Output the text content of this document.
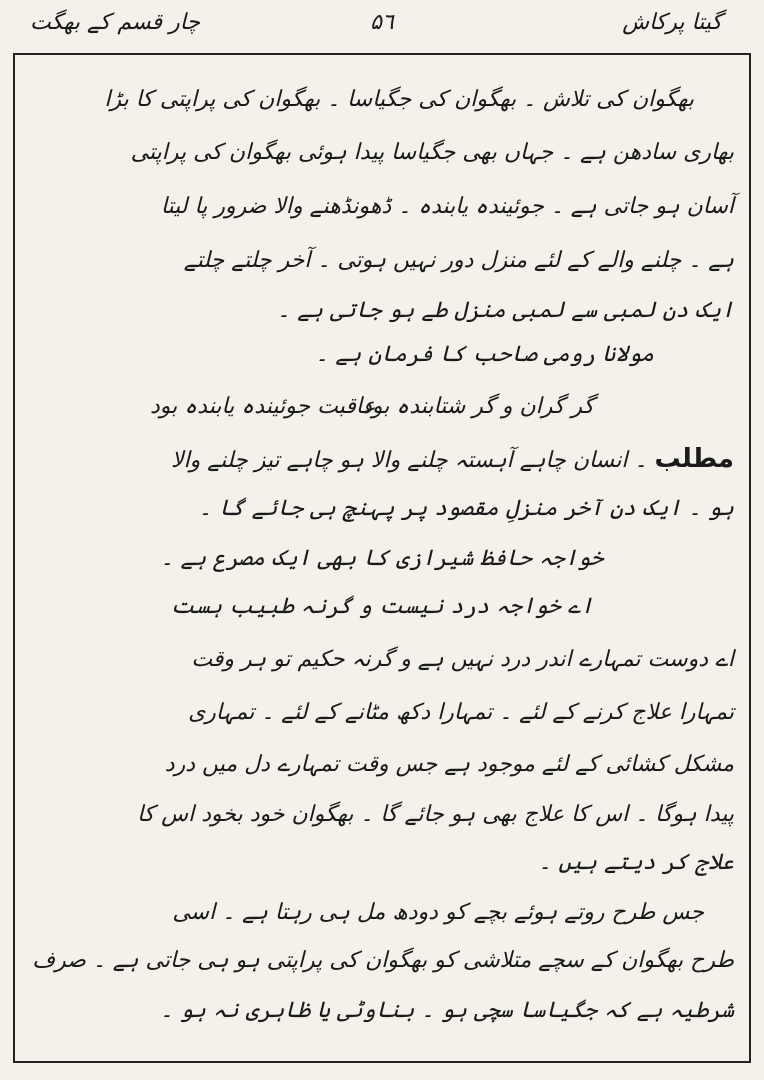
گیتا پرکاش
۵٦
چار قسم کے بھگت
بھگوان کی تلاش ۔ بھگوان کی جگیاسا ۔ بھگوان کی پراپتی کا بڑا
بھاری سادھن ہے ۔ جہاں بھی جگیاسا پیدا ہوئی بھگوان کی پراپتی
آسان ہو جاتی ہے ۔ جوئیندہ یابندہ ۔ ڈھونڈھنے والا ضرور پا لیتا
ہے ۔ چلنے والے کے لئے منزل دور نہیں ہوتی ۔ آخر چلتے چلتے
ایک دن لمبی سے لمبی منزل طے ہو جاتی ہے ۔
مولانا رومی صاحب کا فرمان ہے ۔
گر گران و گر شتابندہ بود
عاقبت جوئیندہ یابندہ بود
مطلب ۔ انسان چاہے آہستہ چلنے والا ہو چاہے تیز چلنے والا
ہو ۔ ایک دن آخر منزلِ مقصود پر پہنچ ہی جائے گا ۔
خواجہ حافظ شیرازی کا بھی ایک مصرع ہے ۔
اے خواجہ درد نیست و گرنہ طبیب ہست
اے دوست تمہارے اندر درد نہیں ہے و گرنہ حکیم تو ہر وقت
تمہارا علاج کرنے کے لئے ۔ تمہارا دکھ مٹانے کے لئے ۔ تمہاری
مشکل کشائی کے لئے موجود ہے جس وقت تمہارے دل میں درد
پیدا ہوگا ۔ اس کا علاج بھی ہو جائے گا ۔ بھگوان خود بخود اس کا
علاج کر دیتے ہیں ۔
جس طرح روتے ہوئے بچے کو دودھ مل ہی رہتا ہے ۔ اسی
طرح بھگوان کے سچے متلاشی کو بھگوان کی پراپتی ہو ہی جاتی ہے ۔ صرف
شرطیہ ہے کہ جگیاسا سچی ہو ۔ بناوٹی یا ظاہری نہ ہو ۔
